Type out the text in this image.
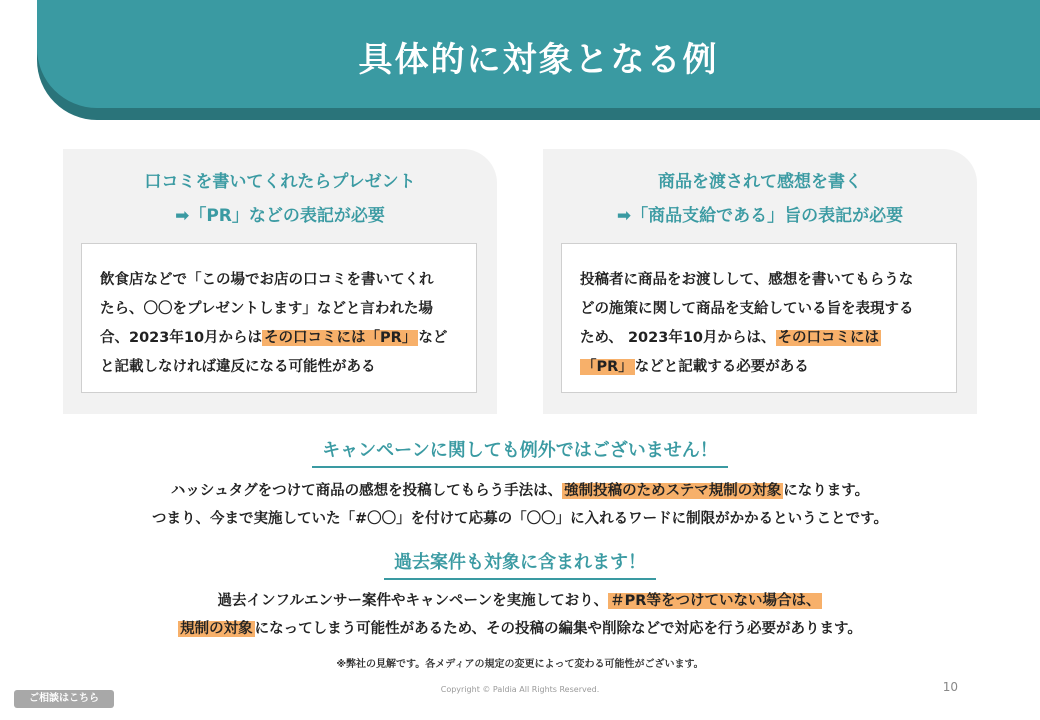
具体的に対象となる例
口コミを書いてくれたらプレゼント
➡「PR」などの表記が必要
飲食店などで「この場でお店の口コミを書いてくれ
たら、〇〇をプレゼントします」などと言われた場
合、2023年10月からは その口コミには「PR」 など
と記載しなければ違反になる可能性がある
商品を渡されて感想を書く
➡「商品支給である」旨の表記が必要
投稿者に商品をお渡しして、感想を書いてもらうな
どの施策に関して商品を支給している旨を表現する
ため、 2023年10月からは、 その口コミには
「PR」 などと記載する必要がある
キャンペーンに関しても例外ではございません！
ハッシュタグをつけて商品の感想を投稿してもらう手法は、 強制投稿のためステマ規制の対象 になります。
つまり、今まで実施していた「#〇〇」を付けて応募の「〇〇」に入れるワードに制限がかかるということです。
過去案件も対象に含まれます！
過去インフルエンサー案件やキャンペーンを実施しており、 ＃PR等をつけていない場合は、
規制の対象 になってしまう可能性があるため、その投稿の編集や削除などで対応を行う必要があります。
※弊社の見解です。各メディアの規定の変更によって変わる可能性がございます。
Copyright © Paldia All Rights Reserved.	10
ご相談はこちら
